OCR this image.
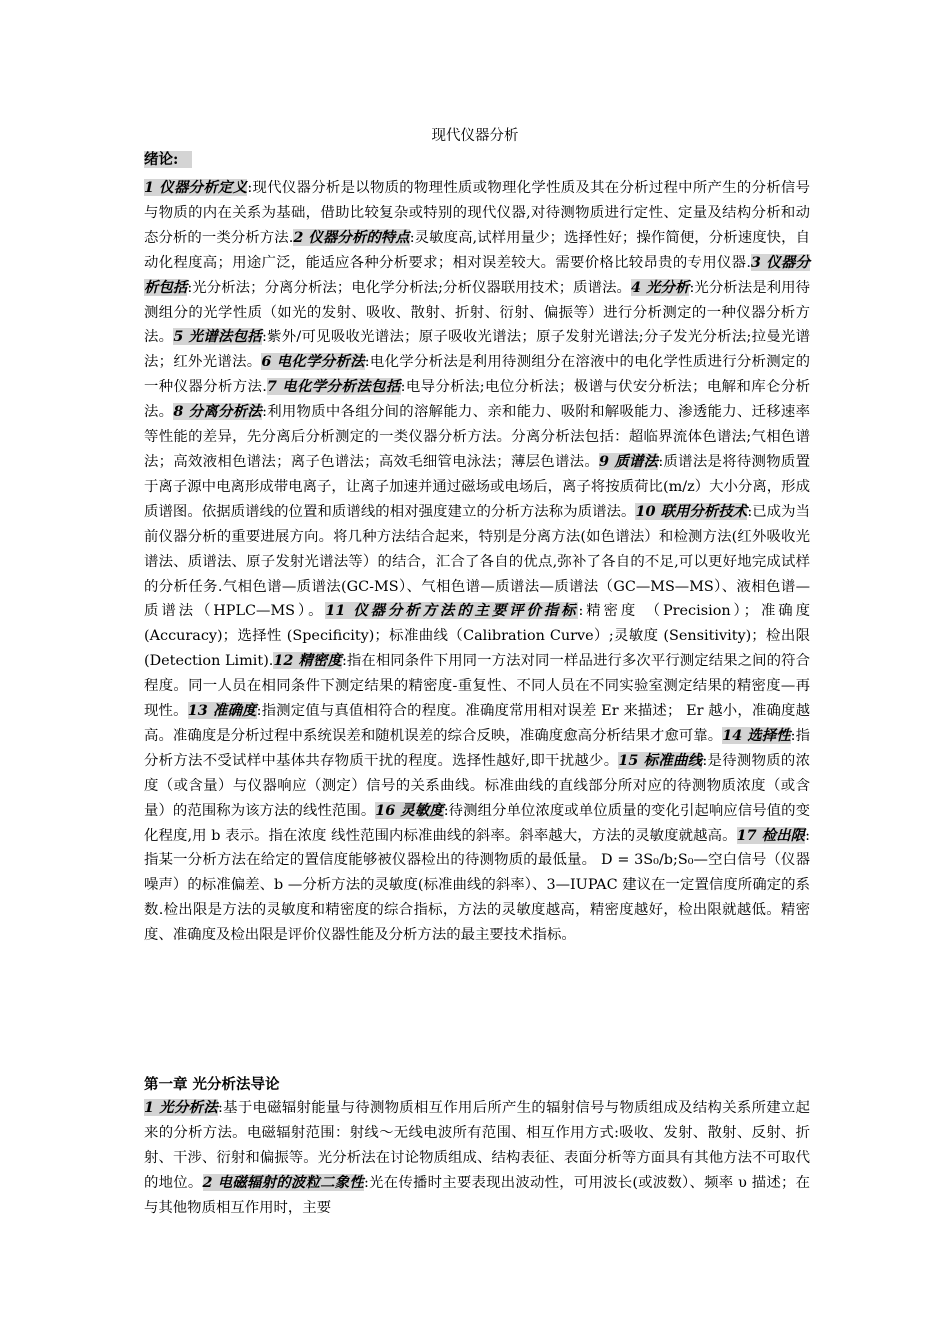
现代仪器分析
绪论:

1 仪器分析定义:现代仪器分析是以物质的物理性质或物理化学性质及其在分析过程中所产生的分析信号与物质的内在关系为基础，借助比较复杂或特别的现代仪器,对待测物质进行定性、定量及结构分析和动态分析的一类分析方法.2 仪器分析的特点:灵敏度高,试样用量少；选择性好；操作简便，分析速度快，自动化程度高；用途广泛，能适应各种分析要求；相对误差较大。需要价格比较昂贵的专用仪器.3 仪器分析包括:光分析法；分离分析法；电化学分析法;分析仪器联用技术；质谱法。4 光分析:光分析法是利用待测组分的光学性质（如光的发射、吸收、散射、折射、衍射、偏振等）进行分析测定的一种仪器分析方法。5 光谱法包括:紫外/可见吸收光谱法；原子吸收光谱法；原子发射光谱法;分子发光分析法;拉曼光谱法；红外光谱法。6 电化学分析法:电化学分析法是利用待测组分在溶液中的电化学性质进行分析测定的一种仪器分析方法.7 电化学分析法包括:电导分析法;电位分析法；极谱与伏安分析法；电解和库仑分析法。8 分离分析法:利用物质中各组分间的溶解能力、亲和能力、吸附和解吸能力、渗透能力、迁移速率等性能的差异，先分离后分析测定的一类仪器分析方法。分离分析法包括：超临界流体色谱法;气相色谱法；高效液相色谱法；离子色谱法；高效毛细管电泳法；薄层色谱法。9 质谱法:质谱法是将待测物质置于离子源中电离形成带电离子，让离子加速并通过磁场或电场后，离子将按质荷比(m/z）大小分离，形成质谱图。依据质谱线的位置和质谱线的相对强度建立的分析方法称为质谱法。10 联用分析技术:已成为当前仪器分析的重要进展方向。将几种方法结合起来，特别是分离方法(如色谱法）和检测方法(红外吸收光谱法、质谱法、原子发射光谱法等）的结合，汇合了各自的优点,弥补了各自的不足,可以更好地完成试样的分析任务.气相色谱—质谱法(GC-MS）、气相色谱—质谱法—质谱法（GC—MS—MS）、液相色谱—质谱法（HPLC—MS）。11 仪器分析方法的主要评价指标:精密度 （Precision）；准确度 (Accuracy)；选择性 (Specificity)；标准曲线（Calibration Curve）;灵敏度 (Sensitivity)；检出限 (Detection Limit).12 精密度:指在相同条件下用同一方法对同一样品进行多次平行测定结果之间的符合程度。同一人员在相同条件下测定结果的精密度-重复性、不同人员在不同实验室测定结果的精密度—再现性。13 准确度:指测定值与真值相符合的程度。准确度常用相对误差 Er 来描述； Er 越小，准确度越高。准确度是分析过程中系统误差和随机误差的综合反映，准确度愈高分析结果才愈可靠。14 选择性:指分析方法不受试样中基体共存物质干扰的程度。选择性越好,即干扰越少。15 标准曲线:是待测物质的浓度（或含量）与仪器响应（测定）信号的关系曲线。标准曲线的直线部分所对应的待测物质浓度（或含量）的范围称为该方法的线性范围。16 灵敏度:待测组分单位浓度或单位质量的变化引起响应信号值的变化程度,用 b 表示。指在浓度 线性范围内标准曲线的斜率。斜率越大，方法的灵敏度就越高。17 检出限:指某一分析方法在给定的置信度能够被仪器检出的待测物质的最低量。 D = 3S₀/b;S₀—空白信号（仪器噪声）的标准偏差、b —分析方法的灵敏度(标准曲线的斜率）、3—IUPAC 建议在一定置信度所确定的系数.检出限是方法的灵敏度和精密度的综合指标，方法的灵敏度越高，精密度越好，检出限就越低。精密度、准确度及检出限是评价仪器性能及分析方法的最主要技术指标。

第一章 光分析法导论

1 光分析法:基于电磁辐射能量与待测物质相互作用后所产生的辐射信号与物质组成及结构关系所建立起来的分析方法。电磁辐射范围：射线～无线电波所有范围、相互作用方式:吸收、发射、散射、反射、折射、干涉、衍射和偏振等。光分析法在讨论物质组成、结构表征、表面分析等方面具有其他方法不可取代的地位。2 电磁辐射的波粒二象性:光在传播时主要表现出波动性，可用波长(或波数）、频率 υ 描述；在与其他物质相互作用时，主要
